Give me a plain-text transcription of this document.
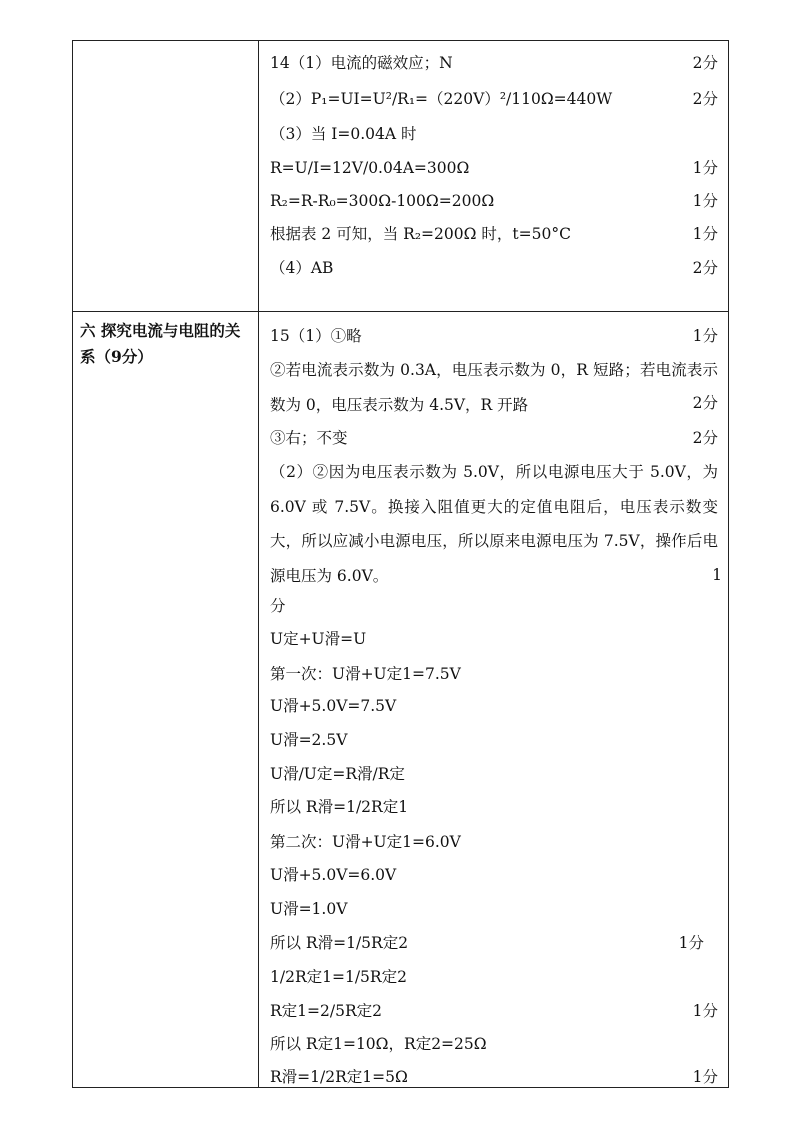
14（1）电流的磁效应；N	2分
（2）P₁=UI=U²/R₁=（220V）²/110Ω=440W	2分
（3）当 I=0.04A 时
R=U/I=12V/0.04A=300Ω	1分
R₂=R-R₀=300Ω-100Ω=200Ω	1分
根据表 2 可知，当 R₂=200Ω 时，t=50°C	1分
（4）AB	2分
六 探究电流与电阻的关系（9分）
15（1）①略	1分
②若电流表示数为 0.3A，电压表示数为 0，R 短路；若电流表示数为 0，电压表示数为 4.5V，R 开路	2分
③右；不变	2分
（2）②因为电压表示数为 5.0V，所以电源电压大于 5.0V，为 6.0V 或 7.5V。换接入阻值更大的定值电阻后，电压表示数变大，所以应减小电源电压，所以原来电源电压为 7.5V，操作后电源电压为 6.0V。	1
分
U定+U滑=U
第一次：U滑+U定1=7.5V
U滑+5.0V=7.5V
U滑=2.5V
U滑/U定=R滑/R定
所以 R滑=1/2R定1
第二次：U滑+U定1=6.0V
U滑+5.0V=6.0V
U滑=1.0V
所以 R滑=1/5R定2	1分
1/2R定1=1/5R定2
R定1=2/5R定2	1分
所以 R定1=10Ω，R定2=25Ω
R滑=1/2R定1=5Ω	1分
